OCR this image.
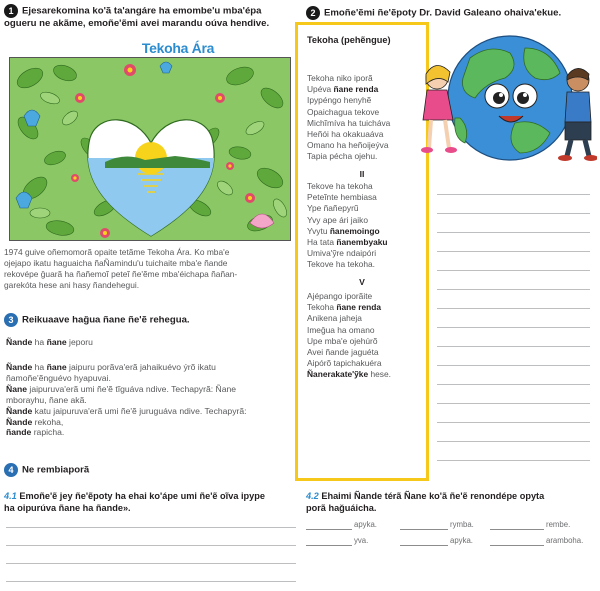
1 Ejesarekomina ko'ã ta'angáre ha emombe'u mba'épa
ogueru ne akãme, emoñe'ẽmi avei marandu oúva hendive.
Tekoha Ára
1974 guive oñemomorã opaite tetãme Tekoha Ára. Ko mba'e
ojejapo ikatu haguaicha ñaÑamindu'u tuichaite mba'e ñande
rekovépe ğuarã ha ñañemoĩ peteĩ ñe'ẽme mba'éichapa ñañan-
garekóta hese ani hasy ñandehegui.
3 Reikuaave hağua ñane ñe'ẽ rehegua.
Ñande ha ñane jeporu
Ñande ha ñane jaipuru porãva'erã jahaikuévo ýrõ ikatu
ñamoñe'ẽnguévo hyapuvai.
Ñane jaipuruva'erã umi ñe'ẽ tĩguáva ndive. Techapyrã: Ñane
mborayhu, ñane akã.
Ñande katu jaipuruva'erã umi ñe'ẽ juruguáva ndive. Techapyrã:
Ñande rekoha,
ñande rapicha.
4 Ne rembiaporã
4.1 Emoñe'ẽ jey ñe'ẽpoty ha ehai ko'ápe umi ñe'ẽ oĩva ipype
ha oipurúva ñane ha ñande».
2 Emoñe'ẽmi ñe'ẽpoty Dr. David Galeano ohaiva'ekue.
Tekoha (pehẽngue)
Tekoha niko iporã
Upéva ñane renda
Ipypéngo henyhẽ
Opaichagua tekove
Michĩmíva ha tuicháva
Heñói ha okakuaáva
Omano ha heñoijeýva
Tapia pécha ojehu.
II
Tekove ha tekoha
Peteĩnte hembiasa
Ype ñañepyrũ
Yvy ape ári jaiko
Yvytu ñanemoingo
Ha tata ñanembyaku
Umiva'ỹre ndaipóri
Tekove ha tekoha.
V
Ajépango iporãite
Tekoha ñane renda
Anikena jaheja
Imeğua ha omano
Upe mba'e ojehúrõ
Avei ñande jaguéta
Aipórõ tapichakuéra
Ñanerakate'ỹke hese.
4.2 Ehaimi Ñande térã Ñane ko'ã ñe'ẽ renondépe opyta
porã hağuáicha.
apyka.	rymba.	rembe.
yva.	apyka.	aramboha.
